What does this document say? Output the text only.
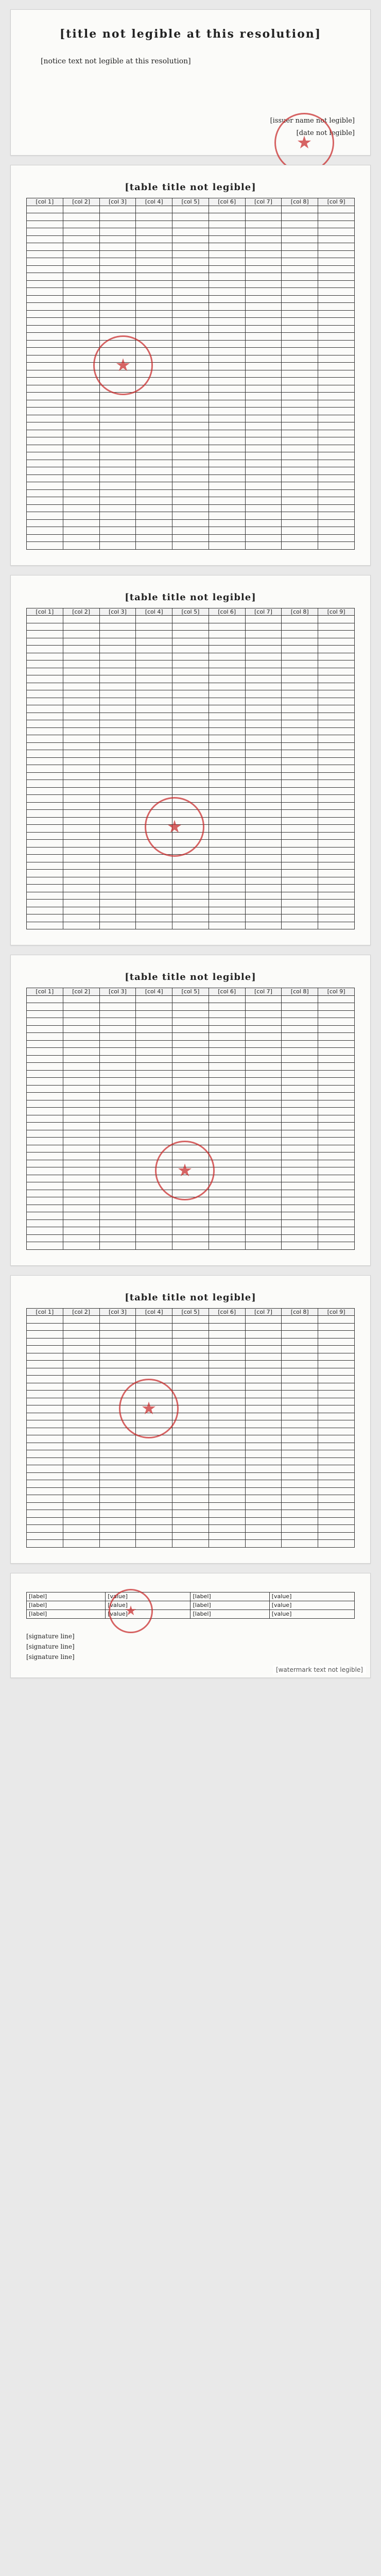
[title not legible at this resolution]

[notice text not legible at this resolution]

[issuer name not legible]
[date not legible]
★
[table title not legible]
[col 1]	[col 2]	[col 3]	[col 4]	[col 5]	[col 6]	[col 7]	[col 8]	[col 9]

★
[table title not legible]
[col 1]	[col 2]	[col 3]	[col 4]	[col 5]	[col 6]	[col 7]	[col 8]	[col 9]

★
[table title not legible]
[col 1]	[col 2]	[col 3]	[col 4]	[col 5]	[col 6]	[col 7]	[col 8]	[col 9]

★
[table title not legible]
[col 1]	[col 2]	[col 3]	[col 4]	[col 5]	[col 6]	[col 7]	[col 8]	[col 9]

★
[label]	[value]	[label]	[value]
[label]	[value]	[label]	[value]
[label]	[value]	[label]	[value]
[signature line]
[signature line]
[signature line]
★
[watermark text not legible]
